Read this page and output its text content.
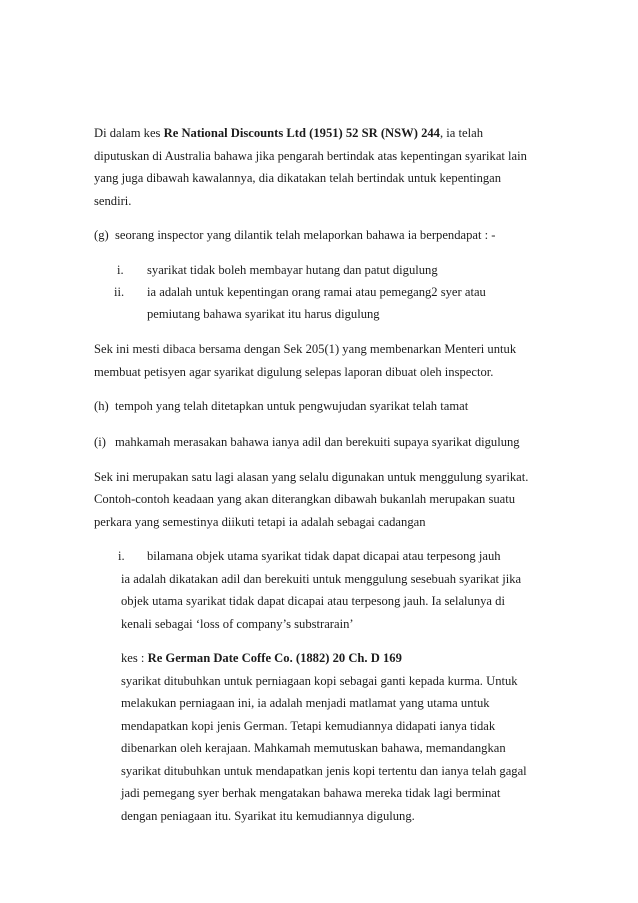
Di dalam kes Re National Discounts Ltd (1951) 52 SR (NSW) 244, ia telah
diputuskan di Australia bahawa jika pengarah bertindak atas kepentingan syarikat lain
yang juga dibawah kawalannya, dia dikatakan telah bertindak untuk kepentingan
sendiri.
(g) seorang inspector yang dilantik telah melaporkan bahawa ia berpendapat : -
i. syarikat tidak boleh membayar hutang dan patut digulung
ii. ia adalah untuk kepentingan orang ramai atau pemegang2 syer atau
pemiutang bahawa syarikat itu harus digulung
Sek ini mesti dibaca bersama dengan Sek 205(1) yang membenarkan Menteri untuk
membuat petisyen agar syarikat digulung selepas laporan dibuat oleh inspector.
(h) tempoh yang telah ditetapkan untuk pengwujudan syarikat telah tamat
(i) mahkamah merasakan bahawa ianya adil dan berekuiti supaya syarikat digulung
Sek ini merupakan satu lagi alasan yang selalu digunakan untuk menggulung syarikat.
Contoh-contoh keadaan yang akan diterangkan dibawah bukanlah merupakan suatu
perkara yang semestinya diikuti tetapi ia adalah sebagai cadangan
i. bilamana objek utama syarikat tidak dapat dicapai atau terpesong jauh
ia adalah dikatakan adil dan berekuiti untuk menggulung sesebuah syarikat jika
objek utama syarikat tidak dapat dicapai atau terpesong jauh. Ia selalunya di
kenali sebagai ‘loss of company’s substrarain’
kes : Re German Date Coffe Co. (1882) 20 Ch. D 169
syarikat ditubuhkan untuk perniagaan kopi sebagai ganti kepada kurma. Untuk
melakukan perniagaan ini, ia adalah menjadi matlamat yang utama untuk
mendapatkan kopi jenis German. Tetapi kemudiannya didapati ianya tidak
dibenarkan oleh kerajaan. Mahkamah memutuskan bahawa, memandangkan
syarikat ditubuhkan untuk mendapatkan jenis kopi tertentu dan ianya telah gagal
jadi pemegang syer berhak mengatakan bahawa mereka tidak lagi berminat
dengan peniagaan itu. Syarikat itu kemudiannya digulung.
